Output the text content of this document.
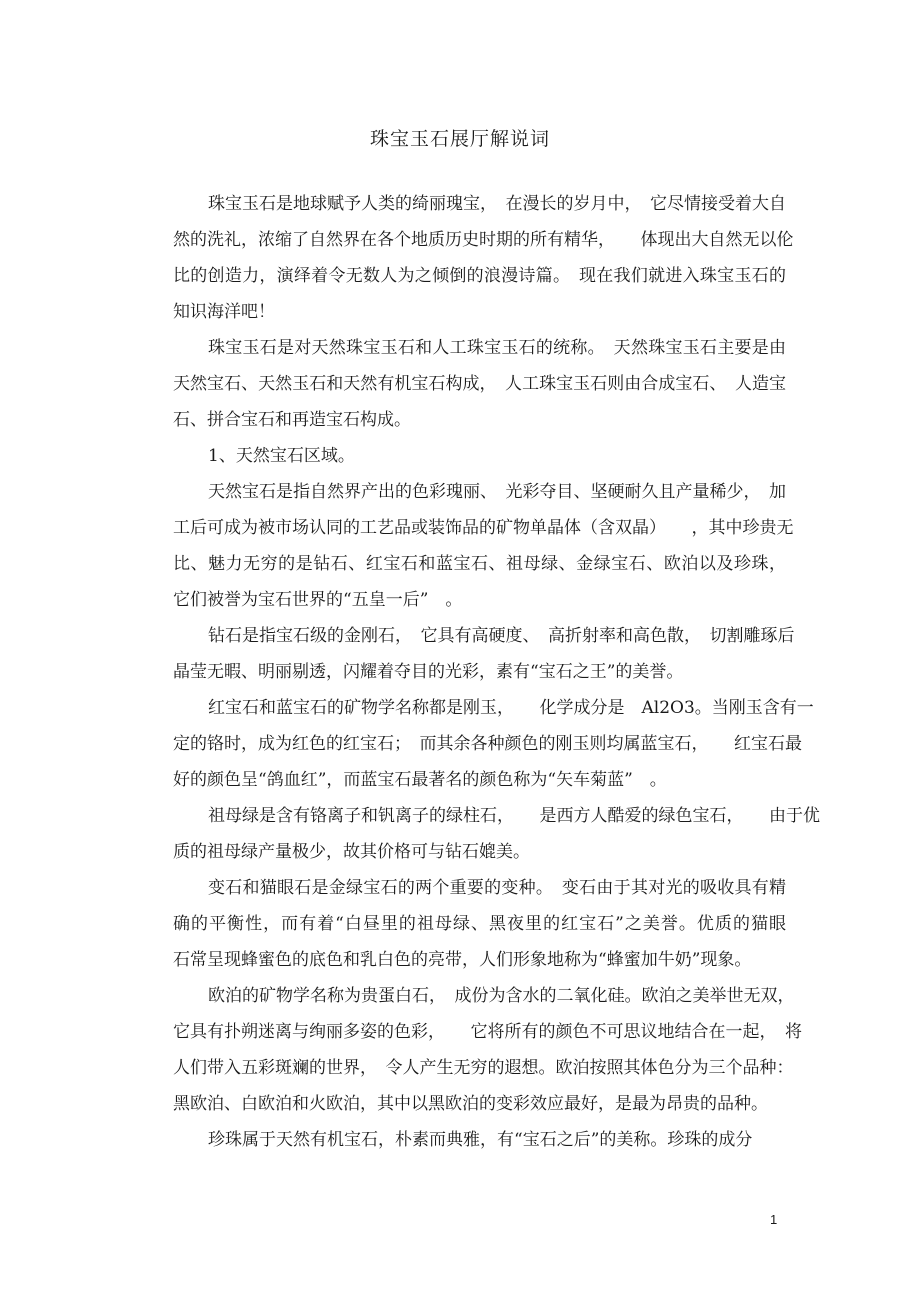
珠宝玉石展厅解说词

珠宝玉石是地球赋予人类的绮丽瑰宝，　在漫长的岁月中，　它尽情接受着大自
然的洗礼，浓缩了自然界在各个地质历史时期的所有精华，　　体现出大自然无以伦
比的创造力，演绎着令无数人为之倾倒的浪漫诗篇。　现在我们就进入珠宝玉石的
知识海洋吧！

珠宝玉石是对天然珠宝玉石和人工珠宝玉石的统称。　天然珠宝玉石主要是由
天然宝石、天然玉石和天然有机宝石构成，　人工珠宝玉石则由合成宝石、　人造宝
石、拼合宝石和再造宝石构成。

1、天然宝石区域。

天然宝石是指自然界产出的色彩瑰丽、　光彩夺目、坚硬耐久且产量稀少，　加
工后可成为被市场认同的工艺品或装饰品的矿物单晶体（含双晶）　　，其中珍贵无
比、魅力无穷的是钻石、红宝石和蓝宝石、祖母绿、金绿宝石、欧泊以及珍珠，
它们被誉为宝石世界的“五皇一后”　。

钻石是指宝石级的金刚石，　它具有高硬度、　高折射率和高色散，　切割雕琢后
晶莹无暇、明丽剔透，闪耀着夺目的光彩，素有“宝石之王”的美誉。

红宝石和蓝宝石的矿物学名称都是刚玉，　　化学成分是　Al2O3。当刚玉含有一
定的铬时，成为红色的红宝石；　而其余各种颜色的刚玉则均属蓝宝石，　　红宝石最
好的颜色呈“鸽血红”，而蓝宝石最著名的颜色称为“矢车菊蓝”　。

祖母绿是含有铬离子和钒离子的绿柱石，　　是西方人酷爱的绿色宝石，　　由于优
质的祖母绿产量极少，故其价格可与钻石媲美。

变石和猫眼石是金绿宝石的两个重要的变种。　变石由于其对光的吸收具有精
确的平衡性，而有着“白昼里的祖母绿、黑夜里的红宝石”之美誉。优质的猫眼
石常呈现蜂蜜色的底色和乳白色的亮带，人们形象地称为“蜂蜜加牛奶”现象。

欧泊的矿物学名称为贵蛋白石，　成份为含水的二氧化硅。欧泊之美举世无双，
它具有扑朔迷离与绚丽多姿的色彩，　　它将所有的颜色不可思议地结合在一起，　将
人们带入五彩斑斓的世界，　令人产生无穷的遐想。欧泊按照其体色分为三个品种：
黑欧泊、白欧泊和火欧泊，其中以黑欧泊的变彩效应最好，是最为昂贵的品种。

珍珠属于天然有机宝石，朴素而典雅，有“宝石之后”的美称。珍珠的成分

1
